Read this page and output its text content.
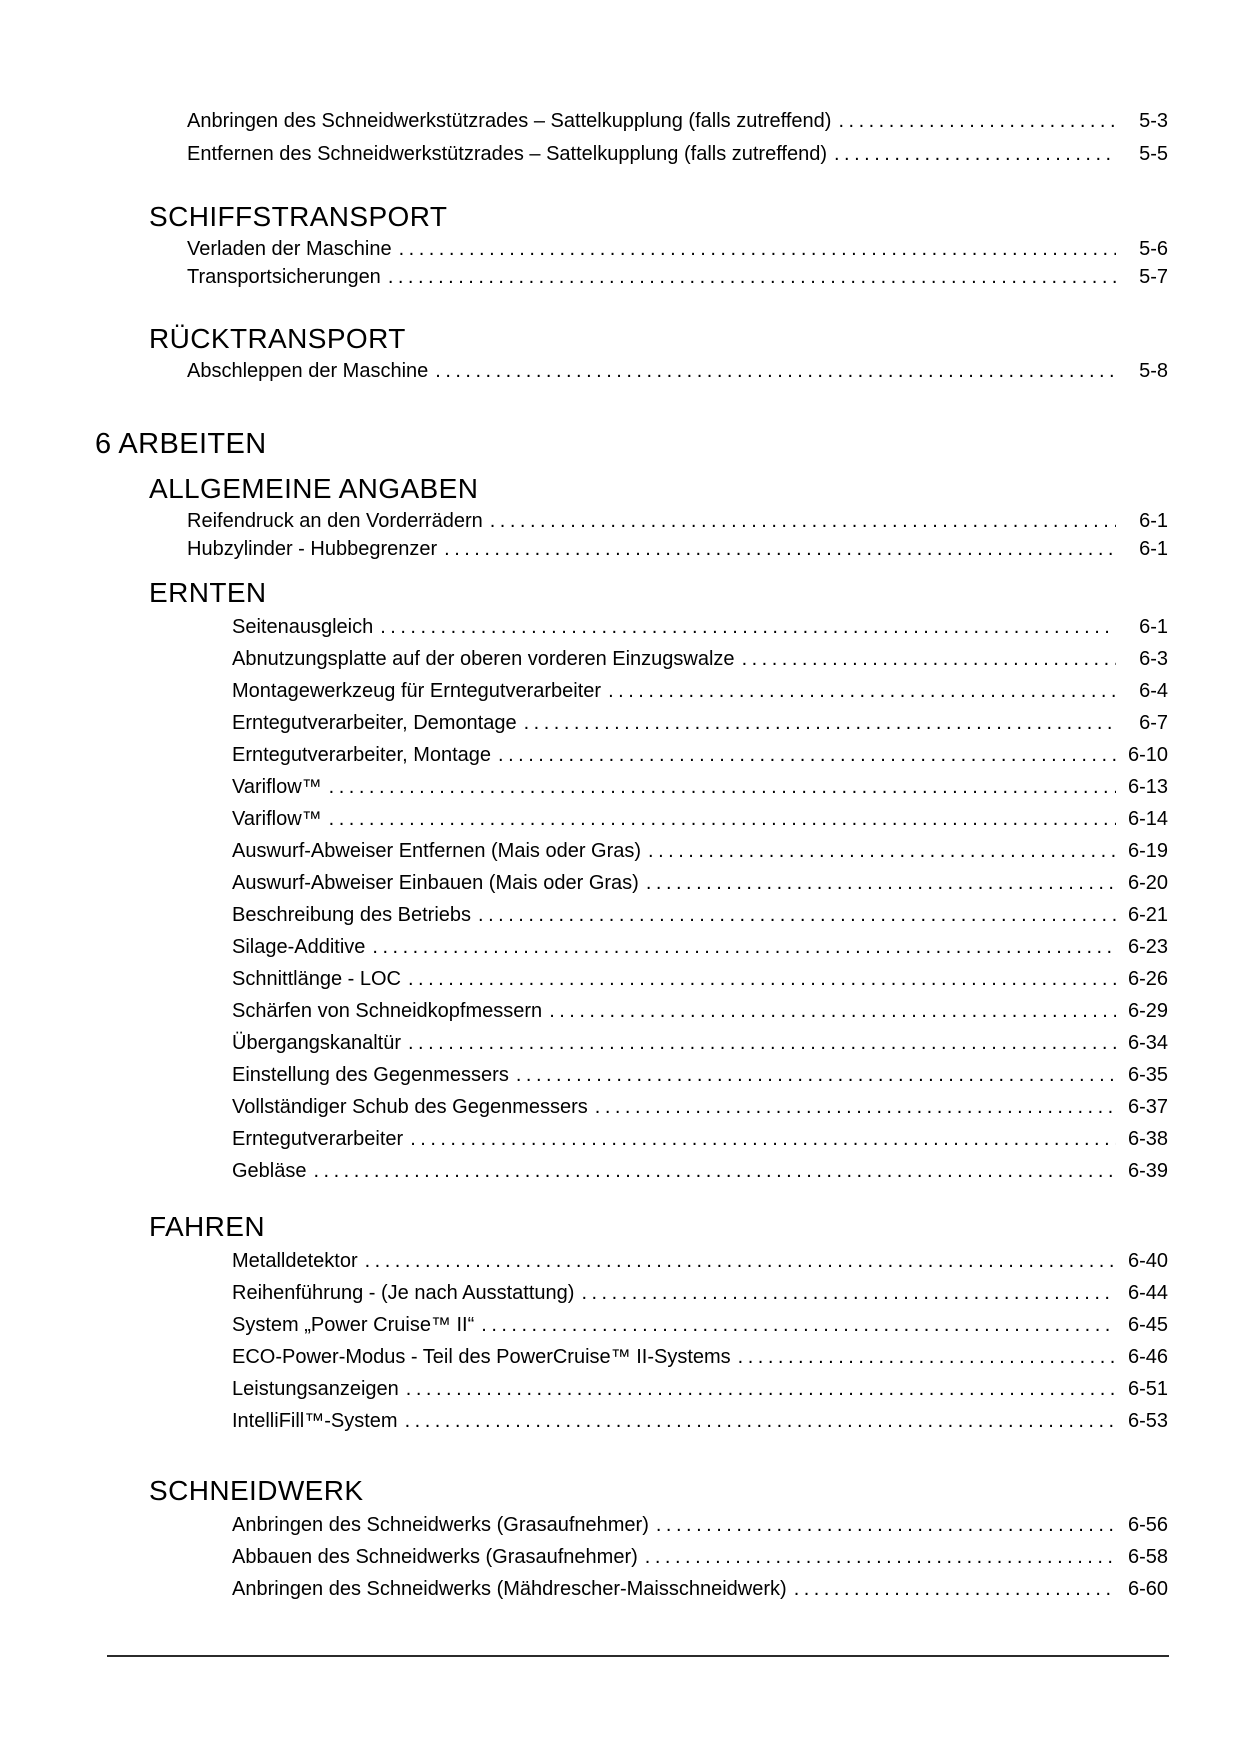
Anbringen des Schneidwerkstützrades – Sattelkupplung (falls zutreffend) .....	5-3
Entfernen des Schneidwerkstützrades – Sattelkupplung (falls zutreffend) .....	5-5
SCHIFFSTRANSPORT
Verladen der Maschine .....	5-6
Transportsicherungen .....	5-7
RÜCKTRANSPORT
Abschleppen der Maschine .....	5-8
6 ARBEITEN
ALLGEMEINE ANGABEN
Reifendruck an den Vorderrädern .....	6-1
Hubzylinder - Hubbegrenzer .....	6-1
ERNTEN
Seitenausgleich .....	6-1
Abnutzungsplatte auf der oberen vorderen Einzugswalze .....	6-3
Montagewerkzeug für Erntegutverarbeiter .....	6-4
Erntegutverarbeiter, Demontage .....	6-7
Erntegutverarbeiter, Montage .....	6-10
Variflow™ .....	6-13
Variflow™ .....	6-14
Auswurf-Abweiser Entfernen (Mais oder Gras) .....	6-19
Auswurf-Abweiser Einbauen (Mais oder Gras) .....	6-20
Beschreibung des Betriebs .....	6-21
Silage-Additive .....	6-23
Schnittlänge - LOC .....	6-26
Schärfen von Schneidkopfmessern .....	6-29
Übergangskanaltür .....	6-34
Einstellung des Gegenmessers .....	6-35
Vollständiger Schub des Gegenmessers .....	6-37
Erntegutverarbeiter .....	6-38
Gebläse .....	6-39
FAHREN
Metalldetektor .....	6-40
Reihenführung - (Je nach Ausstattung) .....	6-44
System „Power Cruise™ II“ .....	6-45
ECO-Power-Modus - Teil des PowerCruise™ II-Systems .....	6-46
Leistungsanzeigen .....	6-51
IntelliFill™-System .....	6-53
SCHNEIDWERK
Anbringen des Schneidwerks (Grasaufnehmer) .....	6-56
Abbauen des Schneidwerks (Grasaufnehmer) .....	6-58
Anbringen des Schneidwerks (Mähdrescher-Maisschneidwerk) .....	6-60
